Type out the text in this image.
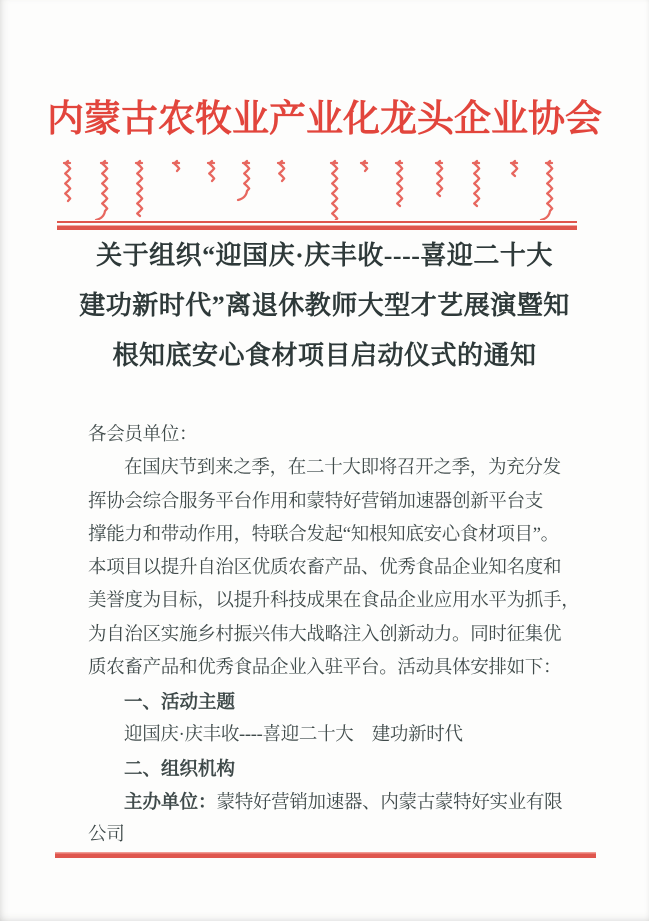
内蒙古农牧业产业化龙头企业协会
关于组织“迎国庆·庆丰收----喜迎二十大
建功新时代”离退休教师大型才艺展演暨知
根知底安心食材项目启动仪式的通知
各会员单位：
在国庆节到来之季，在二十大即将召开之季，为充分发
挥协会综合服务平台作用和蒙特好营销加速器创新平台支
撑能力和带动作用，特联合发起“知根知底安心食材项目”。
本项目以提升自治区优质农畜产品、优秀食品企业知名度和
美誉度为目标，以提升科技成果在食品企业应用水平为抓手，
为自治区实施乡村振兴伟大战略注入创新动力。同时征集优
质农畜产品和优秀食品企业入驻平台。活动具体安排如下：
一、活动主题
迎国庆·庆丰收----喜迎二十大　建功新时代
二、组织机构
主办单位：蒙特好营销加速器、内蒙古蒙特好实业有限
公司
